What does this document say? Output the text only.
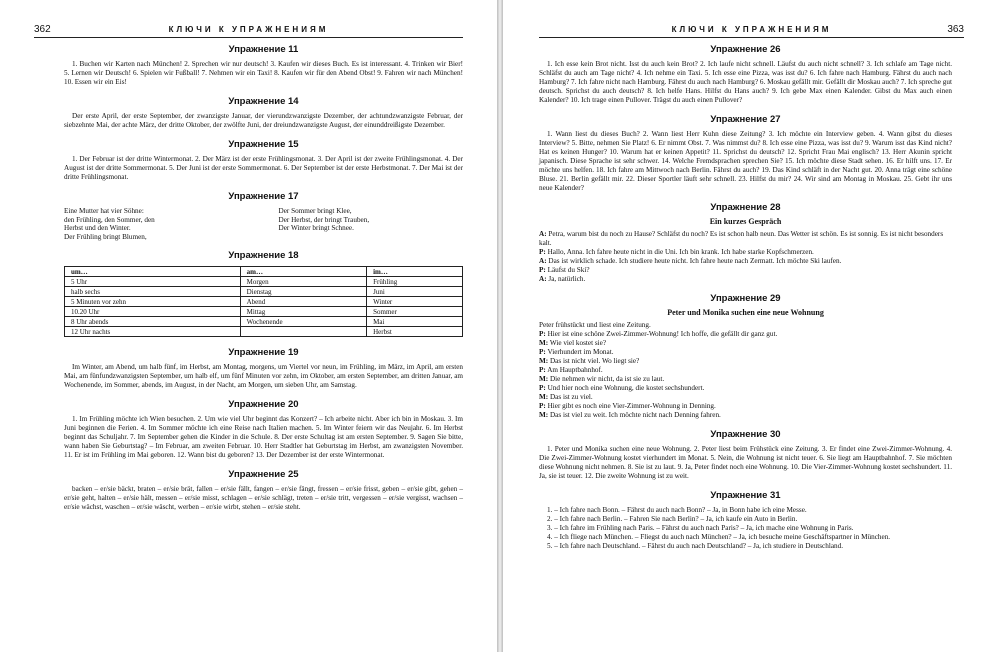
362	КЛЮЧИ К УПРАЖНЕНИЯМ
Упражнение 11

1. Buchen wir Karten nach München! 2. Sprechen wir nur deutsch! 3. Kaufen wir dieses Buch. Es ist interessant. 4. Trinken wir Bier! 5. Lernen wir Deutsch! 6. Spielen wir Fußball! 7. Nehmen wir ein Taxi! 8. Kaufen wir für den Abend Obst! 9. Fahren wir nach München! 10. Essen wir ein Eis!

Упражнение 14

Der erste April, der erste September, der zwanzigste Januar, der vierundzwanzigste Dezember, der achtundzwanzigste Februar, der siebzehnte Mai, der achte März, der dritte Oktober, der zwölfte Juni, der dreiundzwanzigste August, der einunddreißigste Dezember.

Упражнение 15

1. Der Februar ist der dritte Wintermonat. 2. Der März ist der erste Frühlingsmonat. 3. Der April ist der zweite Frühlingsmonat. 4. Der August ist der dritte Sommermonat. 5. Der Juni ist der erste Sommermonat. 6. Der September ist der erste Herbstmonat. 7. Der Mai ist der dritte Frühlingsmonat.

Упражнение 17
Eine Mutter hat vier Söhne:
den Frühling, den Sommer, den Herbst und den Winter.
Der Frühling bringt Blumen,
Der Sommer bringt Klee,
Der Herbst, der bringt Trauben,
Der Winter bringt Schnee.
Упражнение 18
um…	am…	im…
5 Uhr	Morgen	Frühling
halb sechs	Dienstag	Juni
5 Minuten vor zehn	Abend	Winter
10.20 Uhr	Mittag	Sommer
8 Uhr abends	Wochenende	Mai
12 Uhr nachts		Herbst
Упражнение 19

Im Winter, am Abend, um halb fünf, im Herbst, am Montag, morgens, um Viertel vor neun, im Frühling, im März, im April, am ersten Mai, am fünfundzwanzigsten September, um halb elf, um fünf Minuten vor zehn, im Oktober, am ersten September, am dritten Januar, am Wochenende, im Sommer, abends, im August, in der Nacht, am Morgen, um sieben Uhr, am Samstag.

Упражнение 20

1. Im Frühling möchte ich Wien besuchen. 2. Um wie viel Uhr beginnt das Konzert? – Ich arbeite nicht. Aber ich bin in Moskau. 3. Im Juni beginnen die Ferien. 4. Im Sommer möchte ich eine Reise nach Italien machen. 5. Im Winter feiern wir das Neujahr. 6. Im Herbst beginnt das Schuljahr. 7. Im September gehen die Kinder in die Schule. 8. Der erste Schultag ist am ersten September. 9. Sagen Sie bitte, wann haben Sie Geburtstag? – Im Februar, am zweiten Februar. 10. Herr Stadtler hat Geburtstag im Herbst, am zwanzigsten November. 11. Er ist im Frühling im Mai geboren. 12. Wann bist du geboren? 13. Der Dezember ist der erste Wintermonat.

Упражнение 25

backen – er/sie bäckt, braten – er/sie brät, fallen – er/sie fällt, fangen – er/sie fängt, fressen – er/sie frisst, geben – er/sie gibt, gehen – er/sie geht, halten – er/sie hält, messen – er/sie misst, schlagen – er/sie schlägt, treten – er/sie tritt, vergessen – er/sie vergisst, wachsen – er/sie wächst, waschen – er/sie wäscht, werben – er/sie wirbt, stehen – er/sie steht.

КЛЮЧИ К УПРАЖНЕНИЯМ	363
Упражнение 26

1. Ich esse kein Brot nicht. Isst du auch kein Brot? 2. Ich laufe nicht schnell. Läufst du auch nicht schnell? 3. Ich schlafe am Tage nicht. Schläfst du auch am Tage nicht? 4. Ich nehme ein Taxi. 5. Ich esse eine Pizza, was isst du? 6. Ich fahre nach Hamburg. Fährst du auch nach Hamburg? 7. Ich fahre nicht nach Hamburg. Fährst du auch nach Hamburg? 6. Moskau gefällt mir. Gefällt dir Moskau auch? 7. Ich spreche gut deutsch. Sprichst du auch deutsch? 8. Ich helfe Hans. Hilfst du Hans auch? 9. Ich gebe Max einen Kalender. Gibst du Max auch einen Kalender? 10. Ich trage einen Pullover. Trägst du auch einen Pullover?

Упражнение 27

1. Wann liest du dieses Buch? 2. Wann liest Herr Kuhn diese Zeitung? 3. Ich möchte ein Interview geben. 4. Wann gibst du dieses Interview? 5. Bitte, nehmen Sie Platz! 6. Er nimmt Obst. 7. Was nimmst du? 8. Ich esse eine Pizza, was isst du? 9. Warum isst das Kind nicht? Hat es keinen Hunger? 10. Warum hat er keinen Appetit? 11. Sprichst du deutsch? 12. Spricht Frau Mai englisch? 13. Herr Akunin spricht japanisch. Diese Sprache ist sehr schwer. 14. Welche Fremdsprachen sprechen Sie? 15. Ich möchte diese Stadt sehen. 16. Er hilft uns. 17. Er möchte uns helfen. 18. Ich fahre am Mittwoch nach Berlin. Fährst du auch? 19. Das Kind schläft in der Nacht gut. 20. Anna trägt eine schöne Bluse. 21. Berlin gefällt mir. 22. Dieser Sportler läuft sehr schnell. 23. Hilfst du mir? 24. Wir sind am Montag in Moskau. 25. Gebt ihr uns neue Kalender?

Упражнение 28
Ein kurzes Gespräch
A: Petra, warum bist du noch zu Hause? Schläfst du noch? Es ist schon halb neun. Das Wetter ist schön. Es ist sonnig. Es ist nicht besonders kalt.
P: Hallo, Anna. Ich fahre heute nicht in die Uni. Ich bin krank. Ich habe starke Kopfschmerzen.
A: Das ist wirklich schade. Ich studiere heute nicht. Ich fahre heute nach Zermatt. Ich möchte Ski laufen.
P: Läufst du Ski?
A: Ja, natürlich.
Упражнение 29
Peter und Monika suchen eine neue Wohnung
Peter frühstückt und liest eine Zeitung.
P: Hier ist eine schöne Zwei-Zimmer-Wohnung! Ich hoffe, die gefällt dir ganz gut.
M: Wie viel kostet sie?
P: Vierhundert im Monat.
M: Das ist nicht viel. Wo liegt sie?
P: Am Hauptbahnhof.
M: Die nehmen wir nicht, da ist sie zu laut.
P: Und hier noch eine Wohnung, die kostet sechshundert.
M: Das ist zu viel.
P: Hier gibt es noch eine Vier-Zimmer-Wohnung in Denning.
M: Das ist viel zu weit. Ich möchte nicht nach Denning fahren.
Упражнение 30

1. Peter und Monika suchen eine neue Wohnung. 2. Peter liest beim Frühstück eine Zeitung. 3. Er findet eine Zwei-Zimmer-Wohnung. 4. Die Zwei-Zimmer-Wohnung kostet vierhundert im Monat. 5. Nein, die Wohnung ist nicht teuer. 6. Sie liegt am Hauptbahnhof. 7. Sie möchten diese Wohnung nicht nehmen. 8. Sie ist zu laut. 9. Ja, Peter findet noch eine Wohnung. 10. Die Vier-Zimmer-Wohnung kostet sechshundert. 11. Ja, sie ist teuer. 12. Die zweite Wohnung ist zu weit.

Упражнение 31
1. – Ich fahre nach Bonn. – Fährst du auch nach Bonn? – Ja, in Bonn habe ich eine Messe.
2. – Ich fahre nach Berlin. – Fahren Sie nach Berlin? – Ja, ich kaufe ein Auto in Berlin.
3. – Ich fahre im Frühling nach Paris. – Fährst du auch nach Paris? – Ja, ich mache eine Wohnung in Paris.
4. – Ich fliege nach München. – Fliegst du auch nach München? – Ja, ich besuche meine Geschäftspartner in München.
5. – Ich fahre nach Deutschland. – Fährst du auch nach Deutschland? – Ja, ich studiere in Deutschland.
